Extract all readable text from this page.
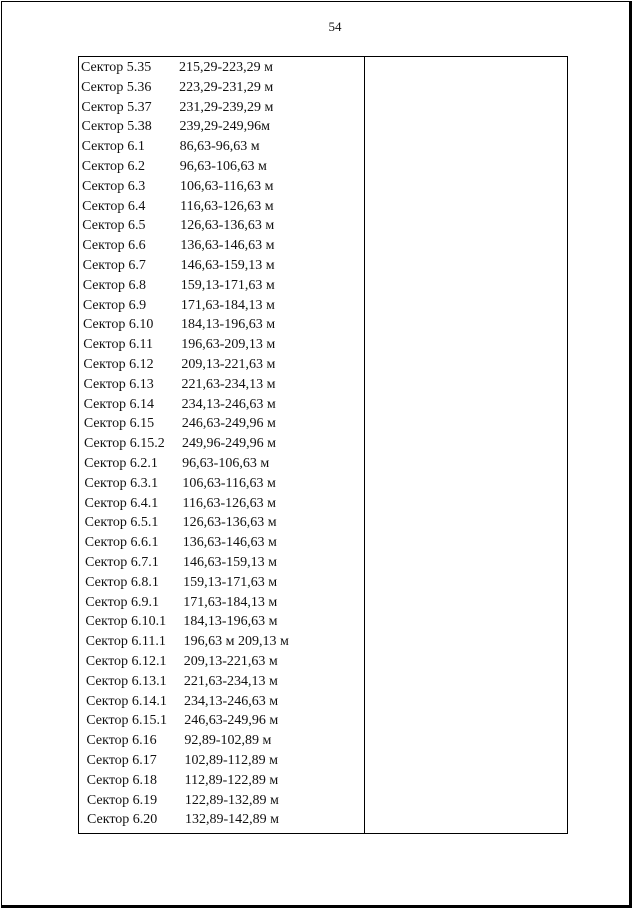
54
Сектор 5.35 215,29-223,29 м
Сектор 5.36 223,29-231,29 м
Сектор 5.37 231,29-239,29 м
Сектор 5.38 239,29-249,96м
Сектор 6.1 86,63-96,63 м
Сектор 6.2 96,63-106,63 м
Сектор 6.3 106,63-116,63 м
Сектор 6.4 116,63-126,63 м
Сектор 6.5 126,63-136,63 м
Сектор 6.6 136,63-146,63 м
Сектор 6.7 146,63-159,13 м
Сектор 6.8 159,13-171,63 м
Сектор 6.9 171,63-184,13 м
Сектор 6.10 184,13-196,63 м
Сектор 6.11 196,63-209,13 м
Сектор 6.12 209,13-221,63 м
Сектор 6.13 221,63-234,13 м
Сектор 6.14 234,13-246,63 м
Сектор 6.15 246,63-249,96 м
Сектор 6.15.2 249,96-249,96 м
Сектор 6.2.1 96,63-106,63 м
Сектор 6.3.1 106,63-116,63 м
Сектор 6.4.1 116,63-126,63 м
Сектор 6.5.1 126,63-136,63 м
Сектор 6.6.1 136,63-146,63 м
Сектор 6.7.1 146,63-159,13 м
Сектор 6.8.1 159,13-171,63 м
Сектор 6.9.1 171,63-184,13 м
Сектор 6.10.1 184,13-196,63 м
Сектор 6.11.1 196,63 м 209,13 м
Сектор 6.12.1 209,13-221,63 м
Сектор 6.13.1 221,63-234,13 м
Сектор 6.14.1 234,13-246,63 м
Сектор 6.15.1 246,63-249,96 м
Сектор 6.16 92,89-102,89 м
Сектор 6.17 102,89-112,89 м
Сектор 6.18 112,89-122,89 м
Сектор 6.19 122,89-132,89 м
Сектор 6.20 132,89-142,89 м
